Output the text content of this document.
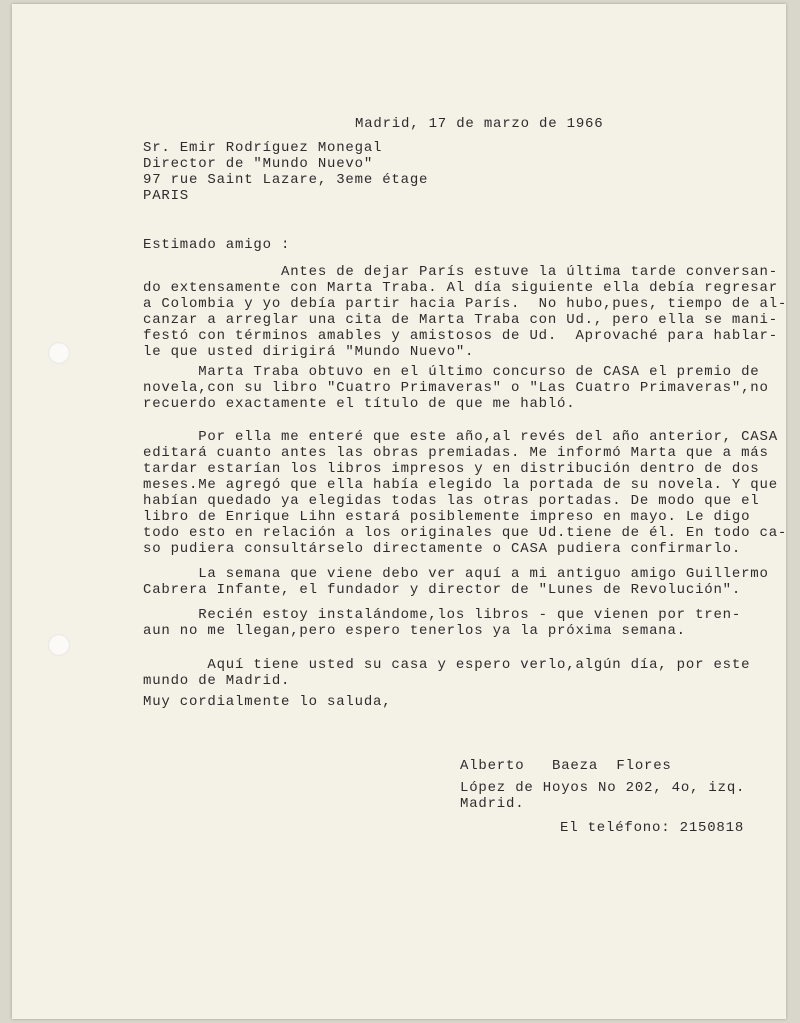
Madrid, 17 de marzo de 1966
Sr. Emir Rodríguez Monegal
Director de "Mundo Nuevo"
97 rue Saint Lazare, 3eme étage
PARIS
Estimado amigo :
Antes de dejar París estuve la última tarde conversan-
do extensamente con Marta Traba. Al día siguiente ella debía regresar
a Colombia y yo debía partir hacia París.  No hubo,pues, tiempo de al-
canzar a arreglar una cita de Marta Traba con Ud., pero ella se mani-
festó con términos amables y amistosos de Ud.  Aprovaché para hablar-
le que usted dirigirá "Mundo Nuevo".
Marta Traba obtuvo en el último concurso de CASA el premio de
novela,con su libro "Cuatro Primaveras" o "Las Cuatro Primaveras",no
recuerdo exactamente el título de que me habló.
Por ella me enteré que este año,al revés del año anterior, CASA
editará cuanto antes las obras premiadas. Me informó Marta que a más
tardar estarían los libros impresos y en distribución dentro de dos
meses.Me agregó que ella había elegido la portada de su novela. Y que
habían quedado ya elegidas todas las otras portadas. De modo que el
libro de Enrique Lihn estará posiblemente impreso en mayo. Le digo
todo esto en relación a los originales que Ud.tiene de él. En todo ca-
so pudiera consultárselo directamente o CASA pudiera confirmarlo.
La semana que viene debo ver aquí a mi antiguo amigo Guillermo
Cabrera Infante, el fundador y director de "Lunes de Revolución".
Recién estoy instalándome,los libros - que vienen por tren-
aun no me llegan,pero espero tenerlos ya la próxima semana.
Aquí tiene usted su casa y espero verlo,algún día, por este
mundo de Madrid.
Muy cordialmente lo saluda,
Alberto   Baeza  Flores
López de Hoyos No 202, 4o, izq.
Madrid.
El teléfono: 2150818
